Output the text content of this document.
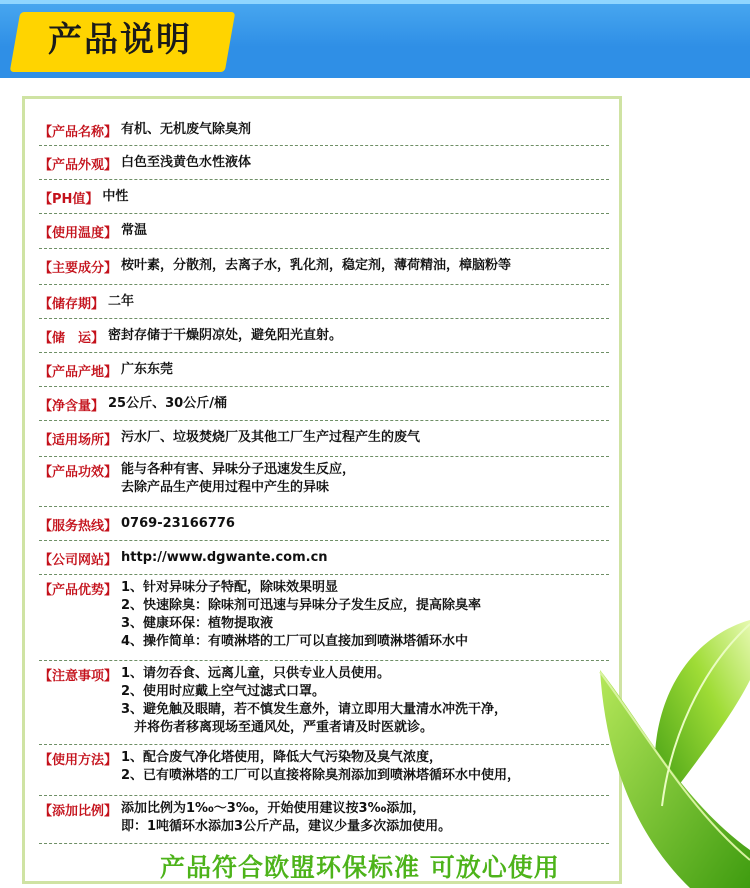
产品说明
【产品名称】 有机、无机废气除臭剂
【产品外观】 白色至浅黄色水性液体
【PH值】 中性
【使用温度】 常温
【主要成分】 桉叶素，分散剂，去离子水，乳化剂，稳定剂，薄荷精油，樟脑粉等
【储存期】 二年
【储　运】 密封存储于干燥阴凉处，避免阳光直射。
【产品产地】 广东东莞
【净含量】 25公斤、30公斤/桶
【适用场所】 污水厂、垃圾焚烧厂及其他工厂生产过程产生的废气
【产品功效】 能与各种有害、异味分子迅速发生反应，
去除产品生产使用过程中产生的异味
【服务热线】 0769-23166776
【公司网站】 http://www.dgwante.com.cn
【产品优势】 1、针对异味分子特配，除味效果明显
2、快速除臭：除味剂可迅速与异味分子发生反应，提高除臭率
3、健康环保：植物提取液
4、操作简单：有喷淋塔的工厂可以直接加到喷淋塔循环水中
【注意事项】 1、请勿吞食、远离儿童，只供专业人员使用。
2、使用时应戴上空气过滤式口罩。
3、避免触及眼睛，若不慎发生意外，请立即用大量清水冲洗干净，
　并将伤者移离现场至通风处，严重者请及时医就诊。
【使用方法】 1、配合废气净化塔使用，降低大气污染物及臭气浓度，
2、已有喷淋塔的工厂可以直接将除臭剂添加到喷淋塔循环水中使用，
【添加比例】 添加比例为1‰～3‰，开始使用建议按3‰添加，
即：1吨循环水添加3公斤产品，建议少量多次添加使用。
产品符合欧盟环保标准 可放心使用
